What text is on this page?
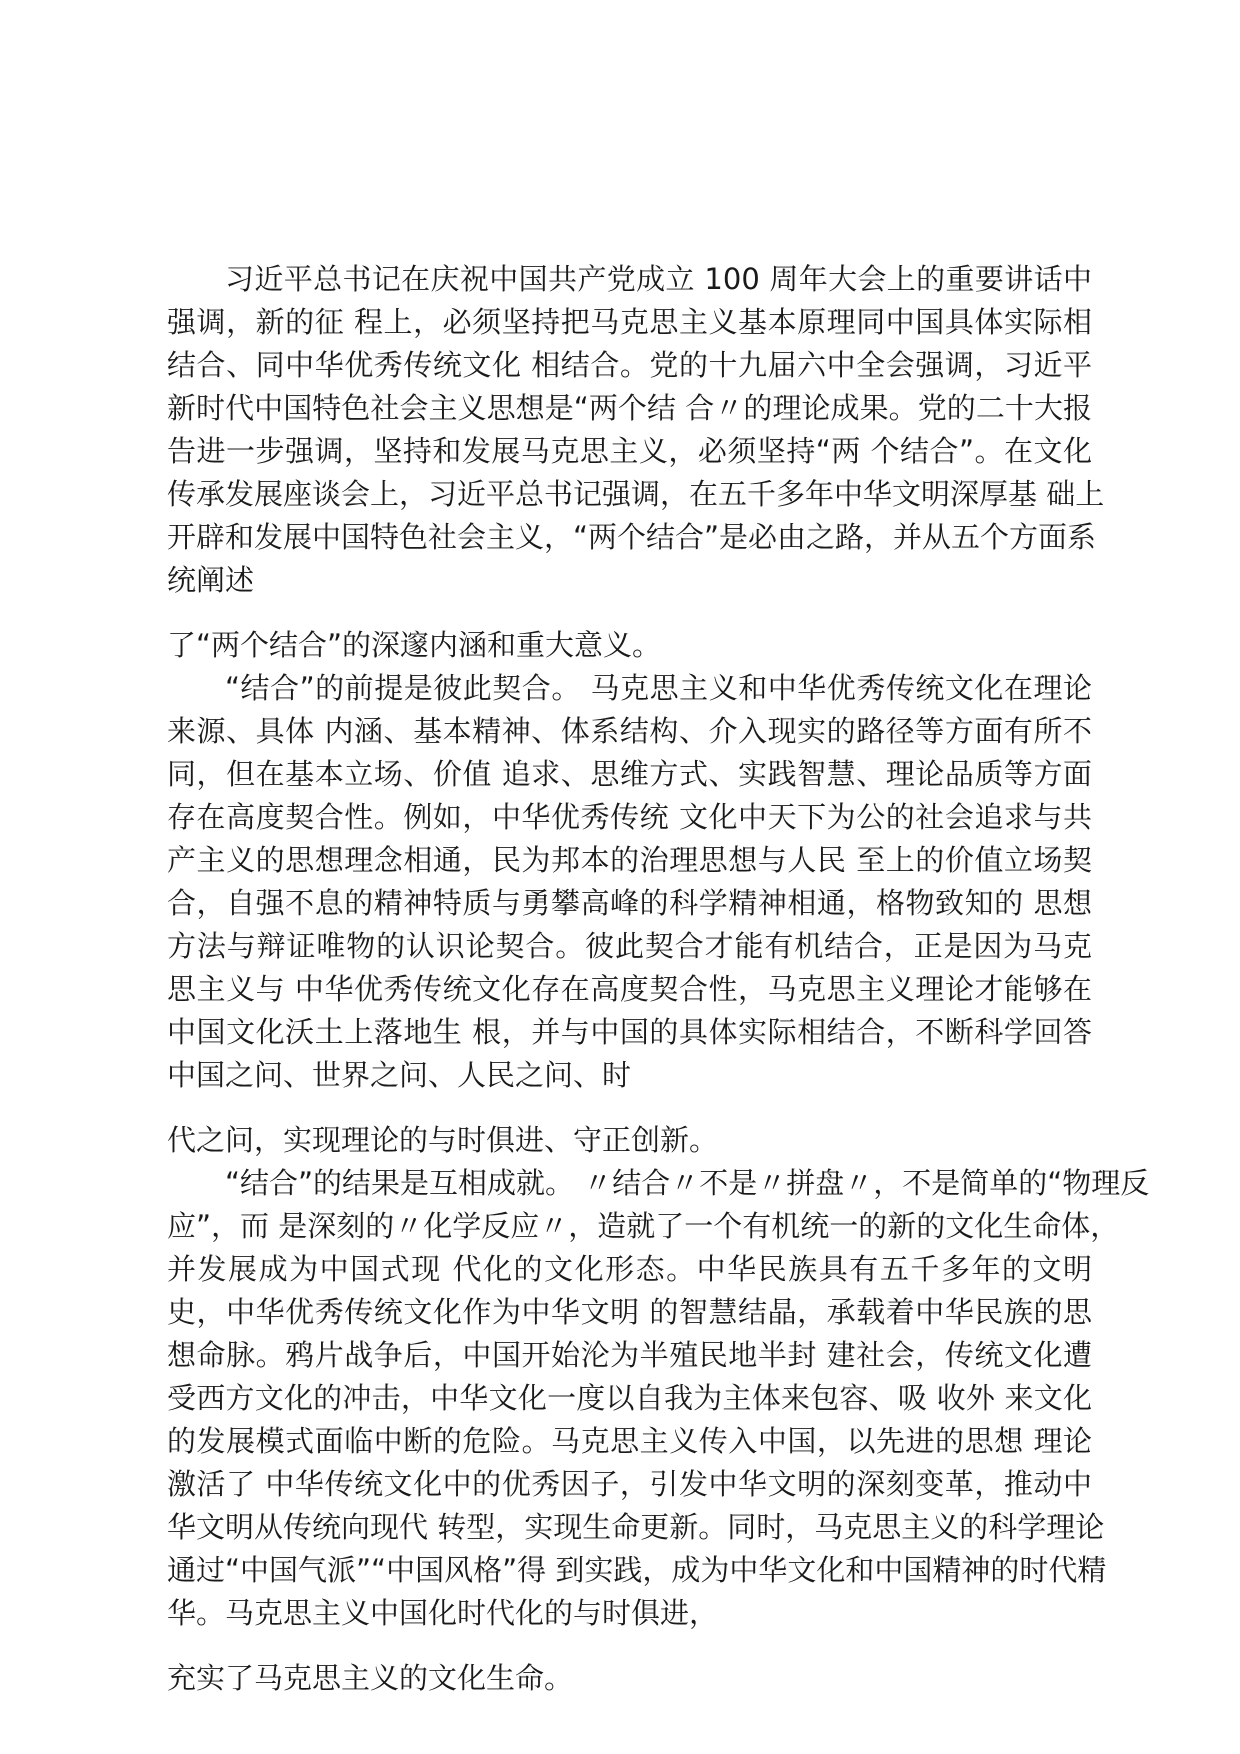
习近平总书记在庆祝中国共产党成立 100 周年大会上的重要讲话中
强调，新的征 程上，必须坚持把马克思主义基本原理同中国具体实际相
结合、同中华优秀传统文化 相结合。党的十九届六中全会强调，习近平
新时代中国特色社会主义思想是“两个结 合〃的理论成果。党的二十大报
告进一步强调，坚持和发展马克思主义，必须坚持“两 个结合”。在文化
传承发展座谈会上，习近平总书记强调，在五千多年中华文明深厚基 础上
开辟和发展中国特色社会主义，“两个结合”是必由之路，并从五个方面系
统阐述
了“两个结合”的深邃内涵和重大意义。
“结合”的前提是彼此契合。 马克思主义和中华优秀传统文化在理论
来源、具体 内涵、基本精神、体系结构、介入现实的路径等方面有所不
同，但在基本立场、价值 追求、思维方式、实践智慧、理论品质等方面
存在高度契合性。例如，中华优秀传统 文化中天下为公的社会追求与共
产主义的思想理念相通，民为邦本的治理思想与人民 至上的价值立场契
合，自强不息的精神特质与勇攀高峰的科学精神相通，格物致知的 思想
方法与辩证唯物的认识论契合。彼此契合才能有机结合，正是因为马克
思主义与 中华优秀传统文化存在高度契合性，马克思主义理论才能够在
中国文化沃土上落地生 根，并与中国的具体实际相结合，不断科学回答
中国之问、世界之问、人民之问、时
代之问，实现理论的与时俱进、守正创新。
“结合”的结果是互相成就。 〃结合〃不是〃拼盘〃，不是简单的“物理反
应”，而 是深刻的〃化学反应〃，造就了一个有机统一的新的文化生命体，
并发展成为中国式现 代化的文化形态。中华民族具有五千多年的文明
史，中华优秀传统文化作为中华文明 的智慧结晶，承载着中华民族的思
想命脉。鸦片战争后，中国开始沦为半殖民地半封 建社会，传统文化遭
受西方文化的冲击，中华文化一度以自我为主体来包容、吸 收外 来文化
的发展模式面临中断的危险。马克思主义传入中国，以先进的思想 理论
激活了 中华传统文化中的优秀因子，引发中华文明的深刻变革，推动中
华文明从传统向现代 转型，实现生命更新。同时，马克思主义的科学理论
通过“中国气派”“中国风格”得 到实践，成为中华文化和中国精神的时代精
华。马克思主义中国化时代化的与时俱进，
充实了马克思主义的文化生命。
